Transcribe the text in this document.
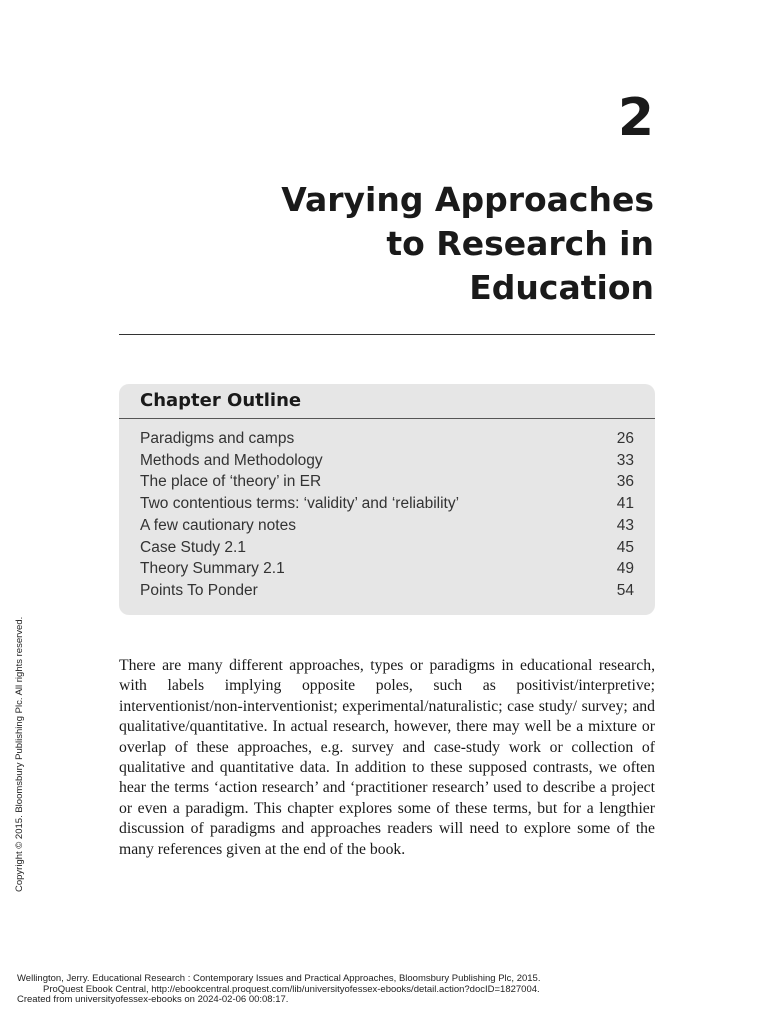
2
Varying Approaches
to Research in
Education
Chapter Outline
Paradigms and camps	26
Methods and Methodology	33
The place of ‘theory’ in ER	36
Two contentious terms: ‘validity’ and ‘reliability’	41
A few cautionary notes	43
Case Study 2.1	45
Theory Summary 2.1	49
Points To Ponder	54

There are many different approaches, types or paradigms in educational research, with labels implying opposite poles, such as positivist/interpretive; interventionist/non-interventionist; experimental/naturalistic; case study/ survey; and qualitative/quantitative. In actual research, however, there may well be a mixture or overlap of these approaches, e.g. survey and case-study work or collection of qualitative and quantitative data. In addition to these supposed contrasts, we often hear the terms ‘action research’ and ‘practitioner research’ used to describe a project or even a paradigm. This chapter explores some of these terms, but for a lengthier discussion of paradigms and approaches readers will need to explore some of the many references given at the end of the book.

Copyright © 2015. Bloomsbury Publishing Plc. All rights reserved.
Wellington, Jerry. Educational Research : Contemporary Issues and Practical Approaches, Bloomsbury Publishing Plc, 2015.
ProQuest Ebook Central, http://ebookcentral.proquest.com/lib/universityofessex-ebooks/detail.action?docID=1827004.
Created from universityofessex-ebooks on 2024-02-06 00:08:17.
